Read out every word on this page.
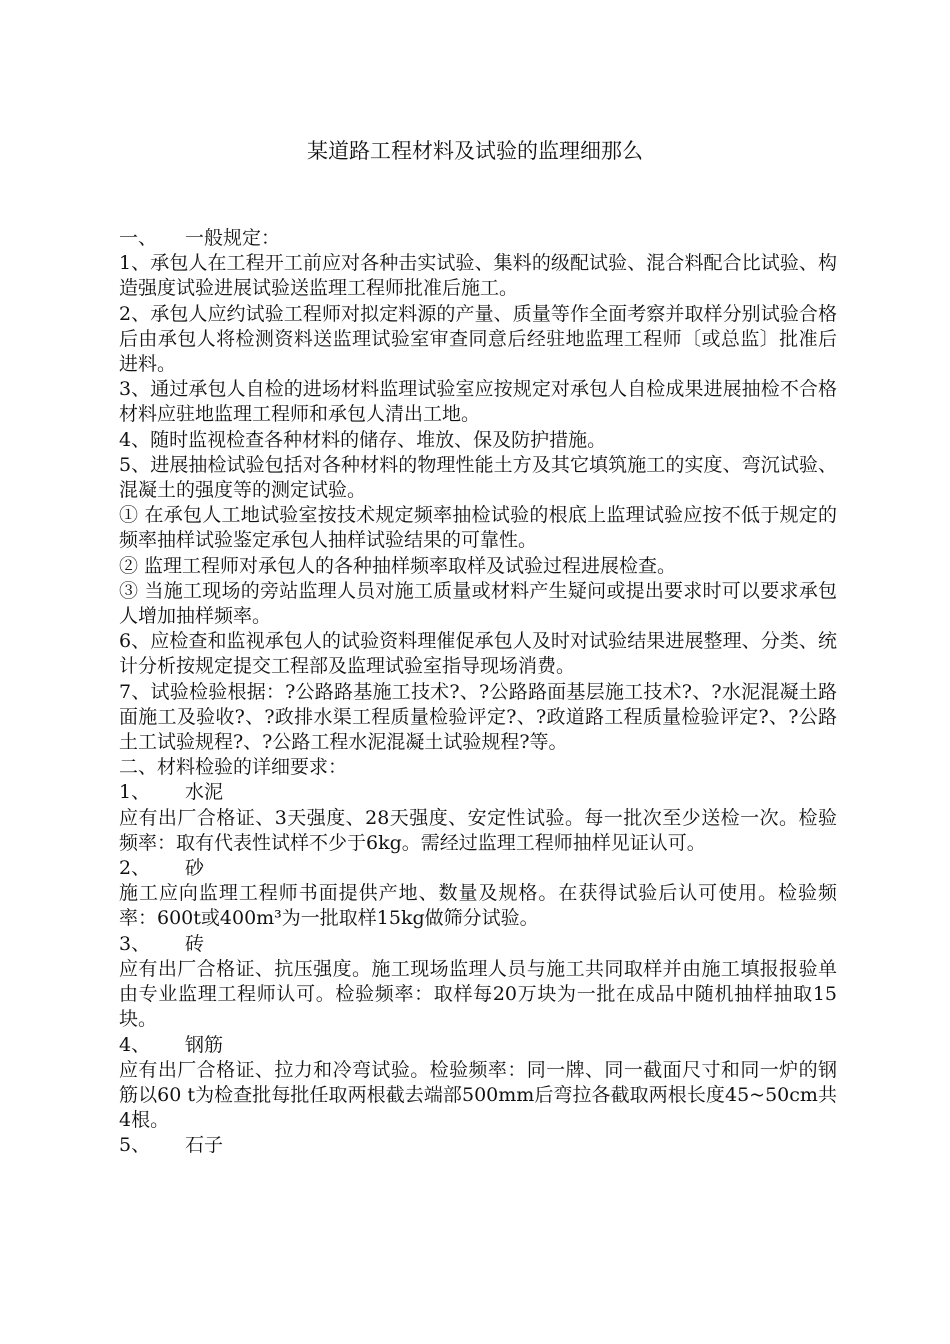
某道路工程材料及试验的监理细那么
一、	一般规定：

1、承包人在工程开工前应对各种击实试验、集料的级配试验、混合料配合比试验、构造强度试验进展试验送监理工程师批准后施工。

2、承包人应约试验工程师对拟定料源的产量、质量等作全面考察并取样分别试验合格后由承包人将检测资料送监理试验室审查同意后经驻地监理工程师〔或总监〕批准后进料。

3、通过承包人自检的进场材料监理试验室应按规定对承包人自检成果进展抽检不合格材料应驻地监理工程师和承包人清出工地。

4、随时监视检查各种材料的储存、堆放、保及防护措施。

5、进展抽检试验包括对各种材料的物理性能土方及其它填筑施工的实度、弯沉试验、混凝土的强度等的测定试验。

① 在承包人工地试验室按技术规定频率抽检试验的根底上监理试验应按不低于规定的频率抽样试验鉴定承包人抽样试验结果的可靠性。

② 监理工程师对承包人的各种抽样频率取样及试验过程进展检查。

③ 当施工现场的旁站监理人员对施工质量或材料产生疑问或提出要求时可以要求承包人增加抽样频率。

6、应检查和监视承包人的试验资料理催促承包人及时对试验结果进展整理、分类、统计分析按规定提交工程部及监理试验室指导现场消费。

7、试验检验根据：?公路路基施工技术?、?公路路面基层施工技术?、?水泥混凝土路面施工及验收?、?政排水渠工程质量检验评定?、?政道路工程质量检验评定?、?公路土工试验规程?、?公路工程水泥混凝土试验规程?等。

二、材料检验的详细要求：

1、	水泥

应有出厂合格证、3天强度、28天强度、安定性试验。每一批次至少送检一次。检验频率：取有代表性试样不少于6kg。需经过监理工程师抽样见证认可。

2、	砂

施工应向监理工程师书面提供产地、数量及规格。在获得试验后认可使用。检验频率：600t或400m³为一批取样15kg做筛分试验。

3、	砖

应有出厂合格证、抗压强度。施工现场监理人员与施工共同取样并由施工填报报验单由专业监理工程师认可。检验频率：取样每20万块为一批在成品中随机抽样抽取15块。

4、	钢筋

应有出厂合格证、拉力和冷弯试验。检验频率：同一牌、同一截面尺寸和同一炉的钢筋以60 t为检查批每批任取两根截去端部500mm后弯拉各截取两根长度45~50cm共4根。

5、	石子
